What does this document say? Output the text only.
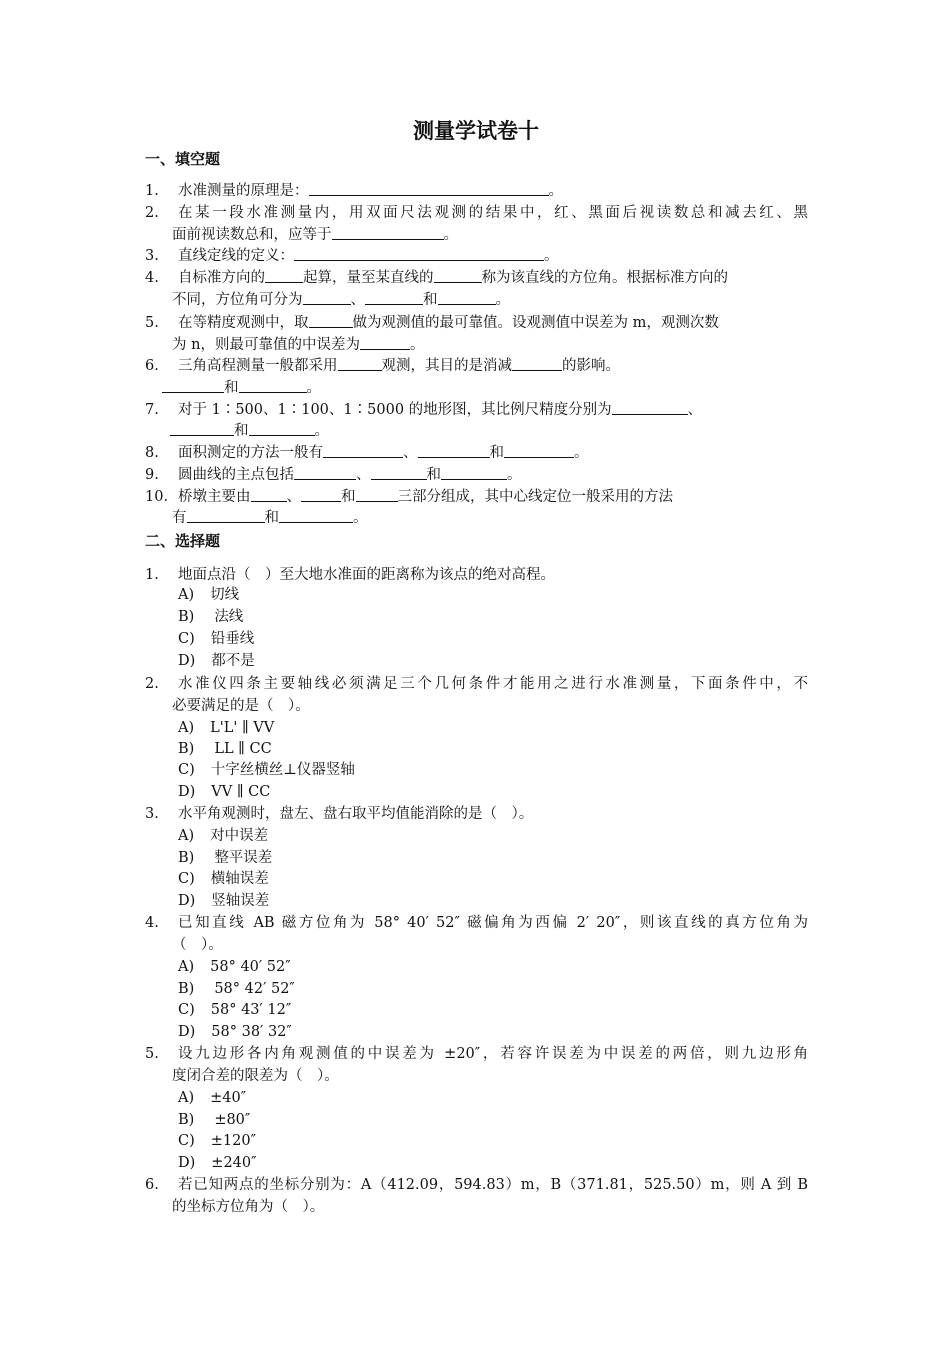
测量学试卷十
一、填空题
1. 水准测量的原理是：	。
2. 在某一段水准测量内，用双面尺法观测的结果中，红、黑面后视读数总和减去红、黑
面前视读数总和，应等于	。
3. 直线定线的定义：	。
4. 自标准方向的	起算，量至某直线的	称为该直线的方位角。根据标准方向的
不同，方位角可分为	、	和	。
5. 在等精度观测中，取	做为观测值的最可靠值。设观测值中误差为 m，观测次数
为 n，则最可靠值的中误差为	。
6. 三角高程测量一般都采用	观测，其目的是消减	的影响。
和	。
7. 对于 1∶500、1∶100、1∶5000 的地形图，其比例尺精度分别为	、
和	。
8. 面积测定的方法一般有	、	和	。
9. 圆曲线的主点包括	、	和	。
10. 桥墩主要由 、	和	三部分组成，其中心线定位一般采用的方法
有	和	。
二、选择题
1. 地面点沿（　）至大地水准面的距离称为该点的绝对高程。
A) 切线
B) 法线
C) 铅垂线
D) 都不是
2. 水准仪四条主要轴线必须满足三个几何条件才能用之进行水准测量，下面条件中，不
必要满足的是（　）。
A) L'L' ∥ VV
B) LL ∥ CC
C) 十字丝横丝⊥仪器竖轴
D) VV ∥ CC
3. 水平角观测时，盘左、盘右取平均值能消除的是（　）。
A) 对中误差
B) 整平误差
C) 横轴误差
D) 竖轴误差
4. 已知直线 AB 磁方位角为 58° 40′ 52″ 磁偏角为西偏 2′ 20″，则该直线的真方位角为
（　）。
A) 58° 40′ 52″
B) 58° 42′ 52″
C) 58° 43′ 12″
D) 58° 38′ 32″
5. 设九边形各内角观测值的中误差为 ±20″，若容许误差为中误差的两倍，则九边形角
度闭合差的限差为（　）。
A) ±40″
B) ±80″
C) ±120″
D) ±240″
6. 若已知两点的坐标分别为：A（412.09，594.83）m，B（371.81，525.50）m，则 A 到 B
的坐标方位角为（　）。
